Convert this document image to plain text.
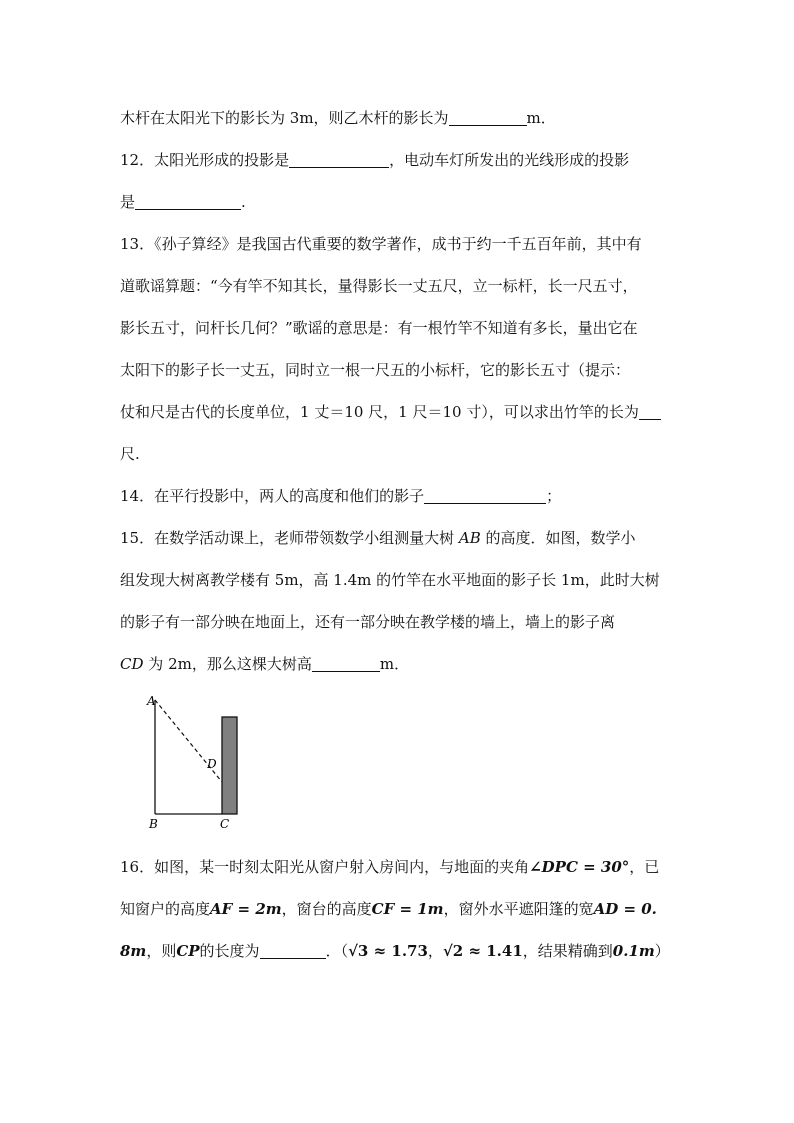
木杆在太阳光下的影长为 3m，则乙木杆的影长为	m．
12．太阳光形成的投影是	，电动车灯所发出的光线形成的投影
是	.
13．《孙子算经》是我国古代重要的数学著作，成书于约一千五百年前，其中有
道歌谣算题：“今有竿不知其长，量得影长一丈五尺，立一标杆，长一尺五寸，
影长五寸，问杆长几何？”歌谣的意思是：有一根竹竿不知道有多长，量出它在
太阳下的影子长一丈五，同时立一根一尺五的小标杆，它的影长五寸（提示：
仗和尺是古代的长度单位，1 丈＝10 尺，1 尺＝10 寸），可以求出竹竿的长为
尺.
14．在平行投影中，两人的高度和他们的影子	；
15．在数学活动课上，老师带领数学小组测量大树 AB 的高度．如图，数学小
组发现大树离教学楼有 5m，高 1.4m 的竹竿在水平地面的影子长 1m，此时大树
的影子有一部分映在地面上，还有一部分映在教学楼的墙上，墙上的影子离
CD 为 2m，那么这棵大树高	m．
A
D
B	C
16．如图，某一时刻太阳光从窗户射入房间内，与地面的夹角∠DPC = 30°，已
知窗户的高度AF = 2m，窗台的高度CF = 1m，窗外水平遮阳篷的宽AD = 0.
8m，则CP的长度为	．（√3 ≈ 1.73，√2 ≈ 1.41，结果精确到0.1m）
